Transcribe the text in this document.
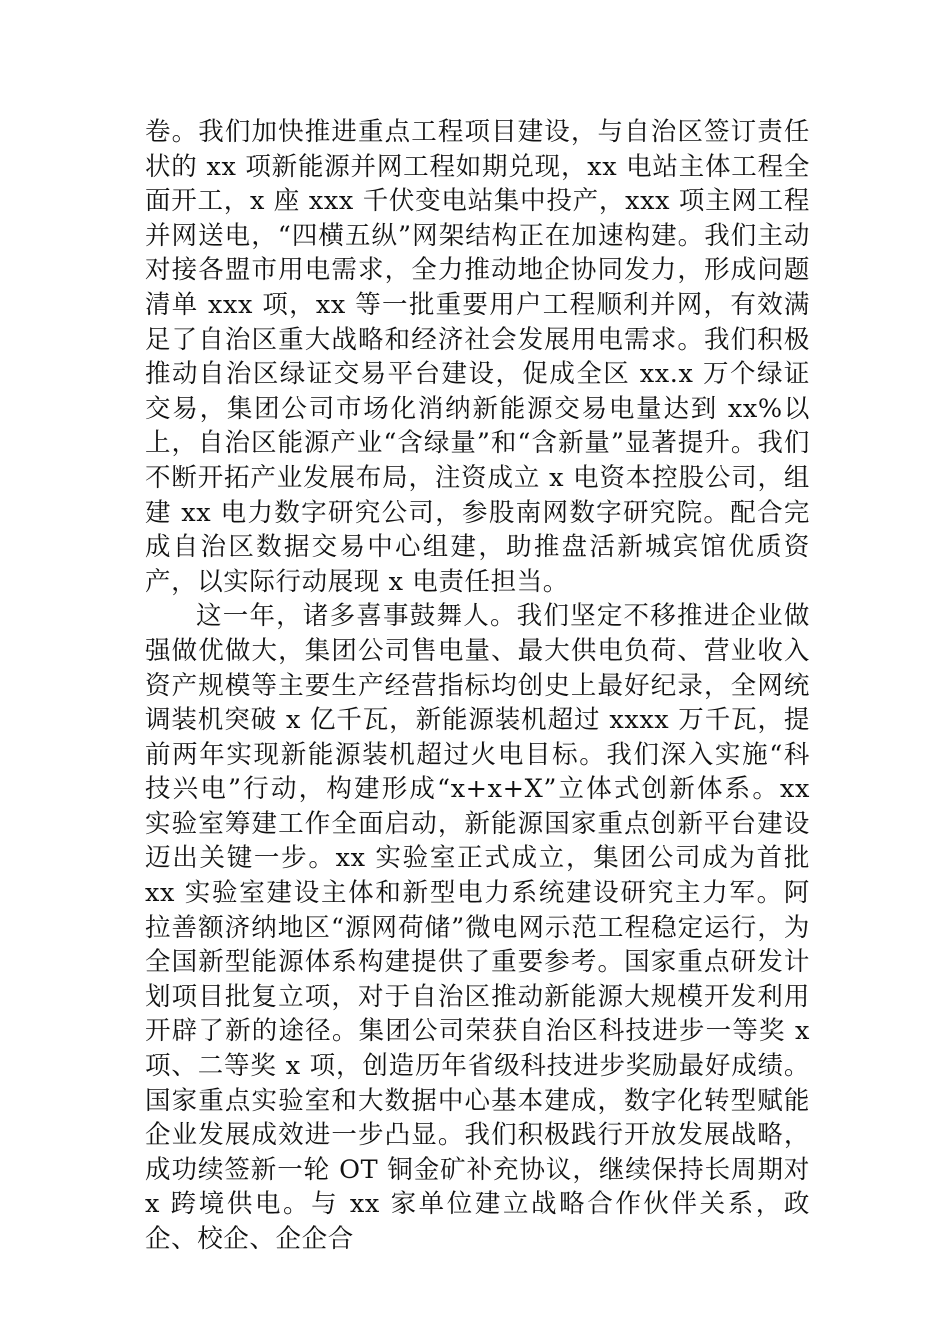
卷。我们加快推进重点工程项目建设，与自治区签订责任状的 xx 项新能源并网工程如期兑现，xx 电站主体工程全面开工，x 座 xxx 千伏变电站集中投产，xxx 项主网工程并网送电，“四横五纵”网架结构正在加速构建。我们主动对接各盟市用电需求，全力推动地企协同发力，形成问题清单 xxx 项，xx 等一批重要用户工程顺利并网，有效满足了自治区重大战略和经济社会发展用电需求。我们积极推动自治区绿证交易平台建设，促成全区 xx.x 万个绿证交易，集团公司市场化消纳新能源交易电量达到 xx%以上，自治区能源产业“含绿量”和“含新量”显著提升。我们不断开拓产业发展布局，注资成立 x 电资本控股公司，组建 xx 电力数字研究公司，参股南网数字研究院。配合完成自治区数据交易中心组建，助推盘活新城宾馆优质资产，以实际行动展现 x 电责任担当。

这一年，诸多喜事鼓舞人。我们坚定不移推进企业做强做优做大，集团公司售电量、最大供电负荷、营业收入资产规模等主要生产经营指标均创史上最好纪录，全网统调装机突破 x 亿千瓦，新能源装机超过 xxxx 万千瓦，提前两年实现新能源装机超过火电目标。我们深入实施“科技兴电”行动，构建形成“x+x+X”立体式创新体系。xx 实验室筹建工作全面启动，新能源国家重点创新平台建设迈出关键一步。xx 实验室正式成立，集团公司成为首批 xx 实验室建设主体和新型电力系统建设研究主力军。阿拉善额济纳地区“源网荷储”微电网示范工程稳定运行，为全国新型能源体系构建提供了重要参考。国家重点研发计划项目批复立项，对于自治区推动新能源大规模开发利用开辟了新的途径。集团公司荣获自治区科技进步一等奖 x 项、二等奖 x 项，创造历年省级科技进步奖励最好成绩。国家重点实验室和大数据中心基本建成，数字化转型赋能企业发展成效进一步凸显。我们积极践行开放发展战略，成功续签新一轮 OT 铜金矿补充协议，继续保持长周期对 x 跨境供电。与 xx 家单位建立战略合作伙伴关系，政企、校企、企企合
